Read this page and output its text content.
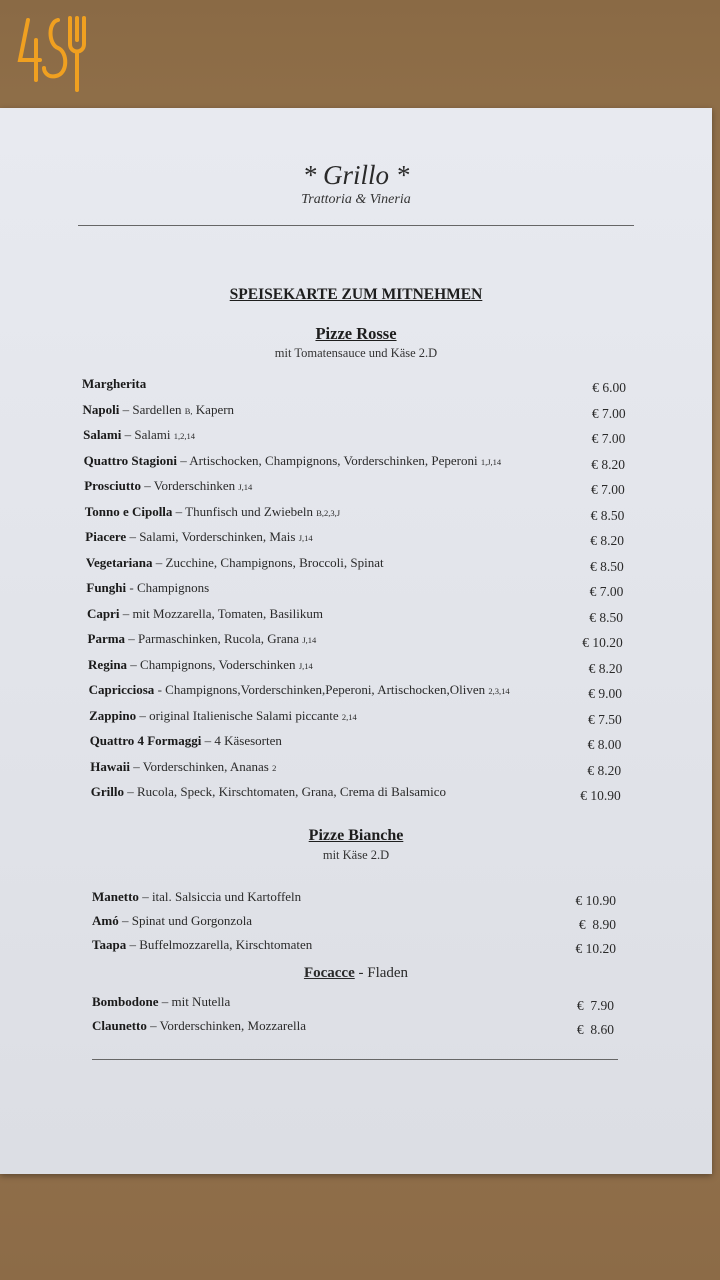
* Grillo *
Trattoria & Vineria
SPEISEKARTE ZUM MITNEHMEN
Pizze Rosse
mit Tomatensauce und Käse 2.D
Margherita	€ 6.00
Napoli – Sardellen B, Kapern	€ 7.00
Salami – Salami 1,2,14	€ 7.00
Quattro Stagioni – Artischocken, Champignons, Vorderschinken, Peperoni 1,J,14	€ 8.20
Prosciutto – Vorderschinken J,14	€ 7.00
Tonno e Cipolla – Thunfisch und Zwiebeln B,2,3,J	€ 8.50
Piacere – Salami, Vorderschinken, Mais J,14	€ 8.20
Vegetariana – Zucchine, Champignons, Broccoli, Spinat	€ 8.50
Funghi - Champignons	€ 7.00
Capri – mit Mozzarella, Tomaten, Basilikum	€ 8.50
Parma – Parmaschinken, Rucola, Grana J,14	€ 10.20
Regina – Champignons, Voderschinken J,14	€ 8.20
Capricciosa - Champignons,Vorderschinken,Peperoni, Artischocken,Oliven 2,3,14	€ 9.00
Zappino – original Italienische Salami piccante 2,14	€ 7.50
Quattro 4 Formaggi – 4 Käsesorten	€ 8.00
Hawaii – Vorderschinken, Ananas 2	€ 8.20
Grillo – Rucola, Speck, Kirschtomaten, Grana, Crema di Balsamico	€ 10.90
Pizze Bianche
mit Käse 2.D
Manetto – ital. Salsiccia und Kartoffeln	€ 10.90
Amó – Spinat und Gorgonzola	€  8.90
Taapa – Buffelmozzarella, Kirschtomaten	€ 10.20
Focacce - Fladen
Bombodone – mit Nutella	€  7.90
Claunetto – Vorderschinken, Mozzarella	€  8.60
